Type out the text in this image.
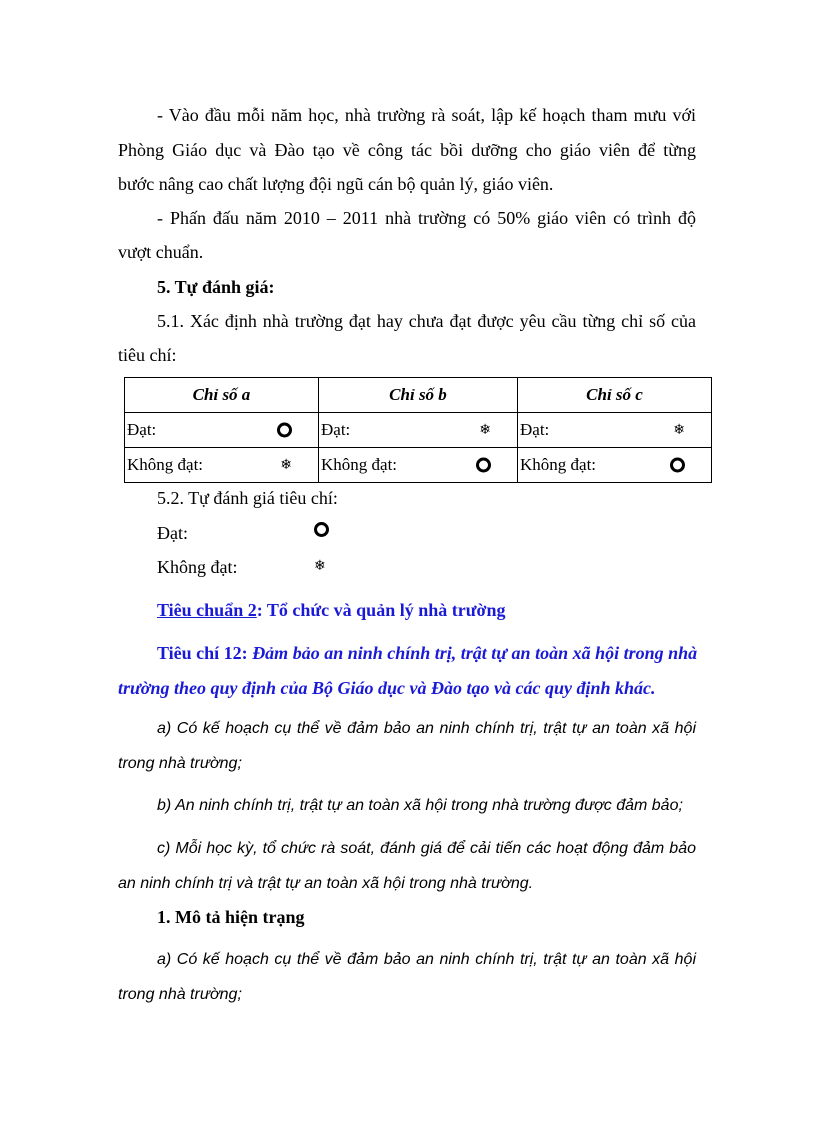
- Vào đầu mỗi năm học, nhà trường rà soát, lập kế hoạch tham mưu với
Phòng Giáo dục và Đào tạo về công tác bồi dưỡng cho giáo viên để từng
bước nâng cao chất lượng đội ngũ cán bộ quản lý, giáo viên.
- Phấn đấu năm 2010 – 2011 nhà trường có 50% giáo viên có trình độ
vượt chuẩn.
5. Tự đánh giá:
5.1. Xác định nhà trường đạt hay chưa đạt được yêu cầu từng chỉ số của
tiêu chí:
Chỉ số a	Chỉ số b	Chỉ số c

Đạt:	Đạt: ❄	Đạt: ❄

Không đạt: ❄	Không đạt:	Không đạt:
5.2. Tự đánh giá tiêu chí:
Đạt:
Không đạt:	❄
Tiêu chuẩn 2: Tổ chức và quản lý nhà trường
Tiêu chí 12: Đảm bảo an ninh chính trị, trật tự an toàn xã hội trong nhà
trường theo quy định của Bộ Giáo dục và Đào tạo và các quy định khác.
a) Có kế hoạch cụ thể về đảm bảo an ninh chính trị, trật tự an toàn xã hội
trong nhà trường;
b) An ninh chính trị, trật tự an toàn xã hội trong nhà trường được đảm bảo;
c) Mỗi học kỳ, tổ chức rà soát, đánh giá để cải tiến các hoạt động đảm bảo
an ninh chính trị và trật tự an toàn xã hội trong nhà trường.
1. Mô tả hiện trạng
a) Có kế hoạch cụ thể về đảm bảo an ninh chính trị, trật tự an toàn xã hội
trong nhà trường;
